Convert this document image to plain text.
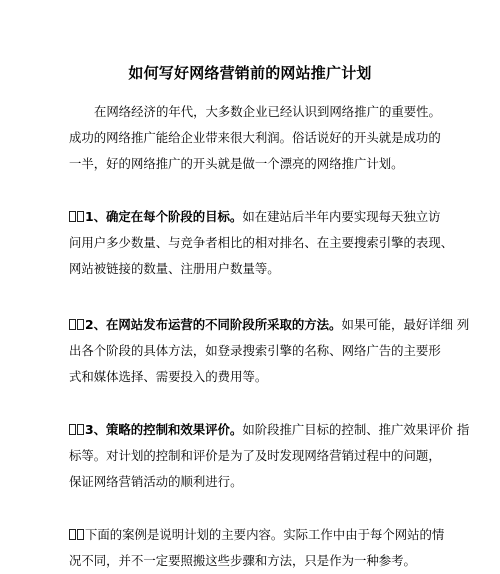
如何写好网络营销前的网站推广计划
在网络经济的年代，大多数企业已经认识到网络推广的重要性。
成功的网络推广能给企业带来很大利润。俗话说好的开头就是成功的
一半，好的网络推广的开头就是做一个漂亮的网络推广计划。
1、确定在每个阶段的目标。如在建站后半年内要实现每天独立访
问用户多少数量、与竞争者相比的相对排名、在主要搜索引擎的表现、
网站被链接的数量、注册用户数量等。
2、在网站发布运营的不同阶段所采取的方法。如果可能，最好详细 列
出各个阶段的具体方法，如登录搜索引擎的名称、网络广告的主要形
式和媒体选择、需要投入的费用等。
3、策略的控制和效果评价。如阶段推广目标的控制、推广效果评价 指
标等。对计划的控制和评价是为了及时发现网络营销过程中的问题，
保证网络营销活动的顺利进行。
下面的案例是说明计划的主要内容。实际工作中由于每个网站的情
况不同，并不一定要照搬这些步骤和方法，只是作为一种参考。
